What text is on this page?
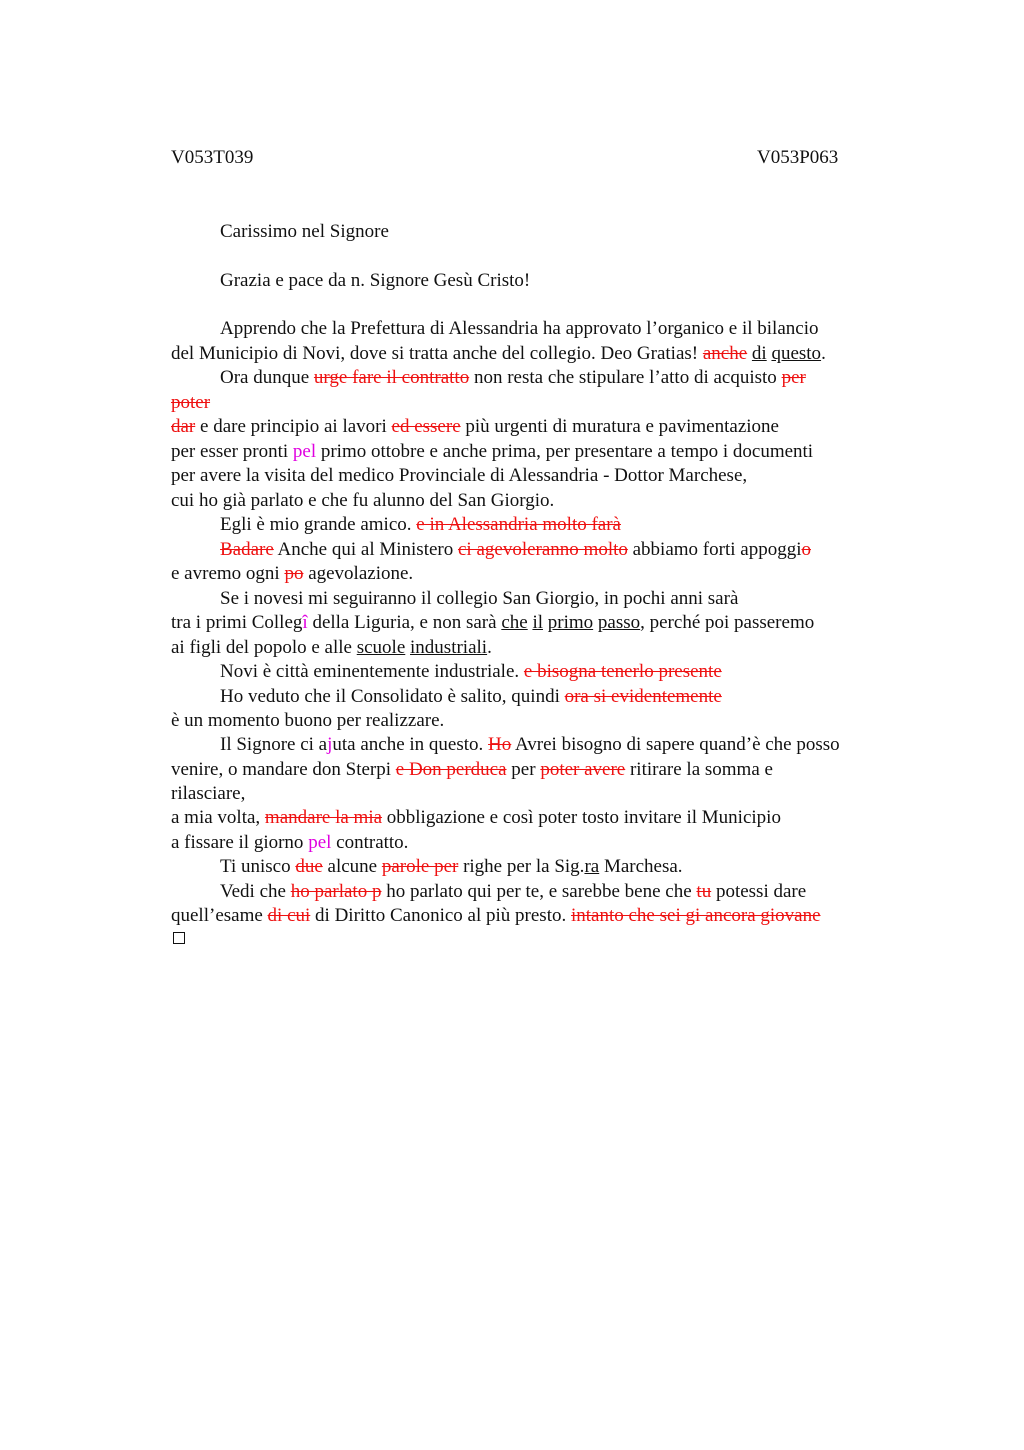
V053T039	V053P063
Carissimo nel Signore
Grazia e pace da n. Signore Gesù Cristo!
Apprendo che la Prefettura di Alessandria ha approvato l’organico e il bilancio
del Municipio di Novi, dove si tratta anche del collegio. Deo Gratias! anche di questo.
Ora dunque urge fare il contratto non resta che stipulare l’atto di acquisto per
poter
dar e dare principio ai lavori ed essere più urgenti di muratura e pavimentazione
per esser pronti pel primo ottobre e anche prima, per presentare a tempo i documenti
per avere la visita del medico Provinciale di Alessandria - Dottor Marchese,
cui ho già parlato e che fu alunno del San Giorgio.
Egli è mio grande amico. e in Alessandria molto farà
Badare Anche qui al Ministero ci agevoleranno molto abbiamo forti appoggio
e avremo ogni po agevolazione.
Se i novesi mi seguiranno il collegio San Giorgio, in pochi anni sarà
tra i primi Collegî della Liguria, e non sarà che il primo passo, perché poi passeremo
ai figli del popolo e alle scuole industriali.
Novi è città eminentemente industriale. e bisogna tenerlo presente
Ho veduto che il Consolidato è salito, quindi ora si evidentemente
è un momento buono per realizzare.
Il Signore ci ajuta anche in questo. Ho Avrei bisogno di sapere quand’è che posso
venire, o mandare don Sterpi e Don perduca per poter avere ritirare la somma e
rilasciare,
a mia volta, mandare la mia obbligazione e così poter tosto invitare il Municipio
a fissare il giorno pel contratto.
Ti unisco due alcune parole per righe per la Sig.ra Marchesa.
Vedi che ho parlato p ho parlato qui per te, e sarebbe bene che tu potessi dare
quell’esame di cui di Diritto Canonico al più presto. intanto che sei gi ancora giovane
